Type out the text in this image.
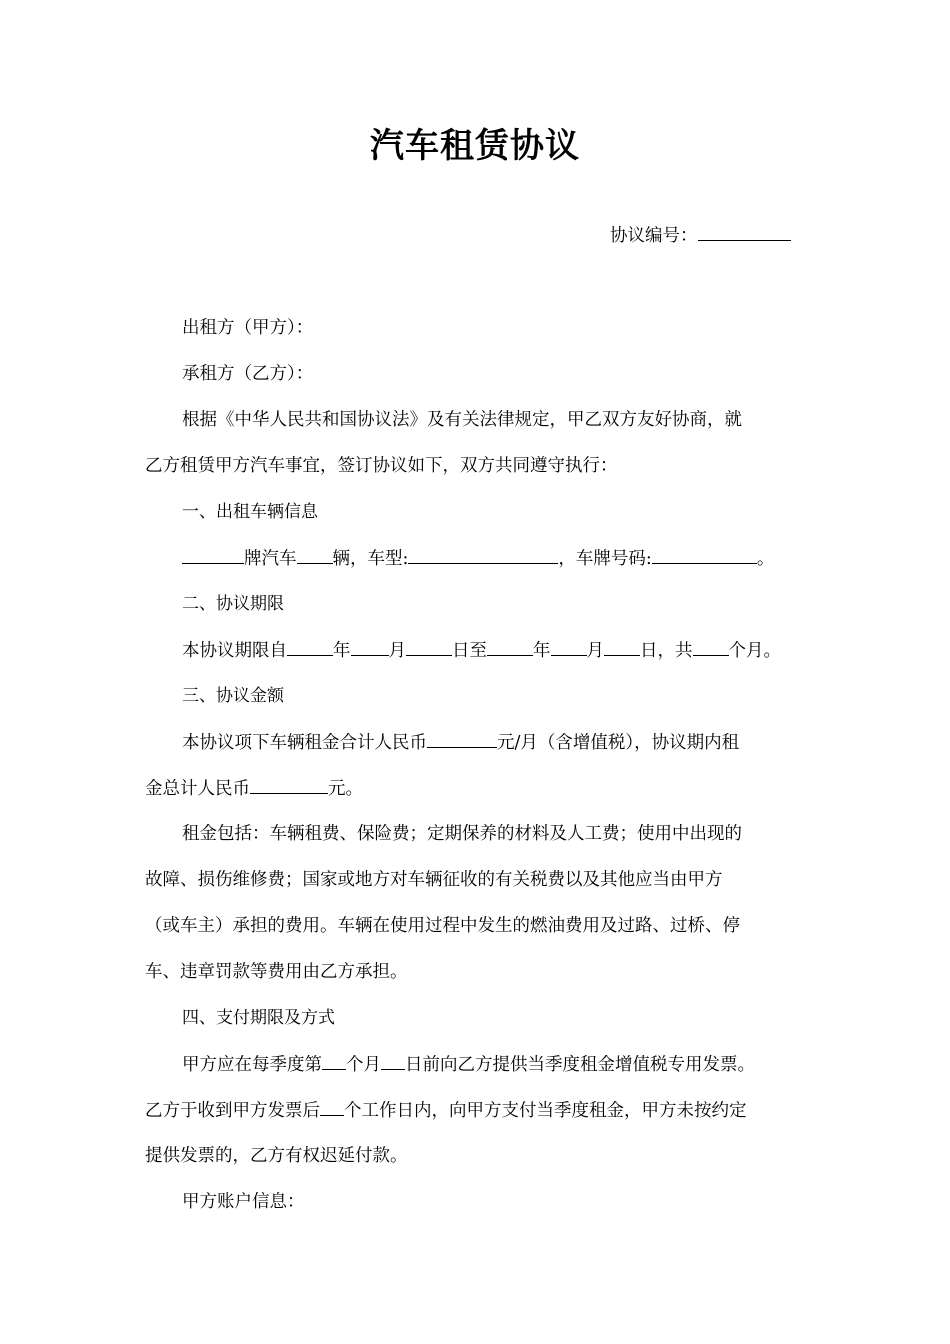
汽车租赁协议
协议编号：
出租方（甲方）：
承租方（乙方）：
根据《中华人民共和国协议法》及有关法律规定，甲乙双方友好协商，就
乙方租赁甲方汽车事宜，签订协议如下，双方共同遵守执行：
一、出租车辆信息
牌汽车 辆，车型:	，车牌号码:	。
二、协议期限
本协议期限自	年 月	日至	年 月 日，共 个月。
三、协议金额
本协议项下车辆租金合计人民币	元/月（含增值税），协议期内租
金总计人民币	元。
租金包括：车辆租费、保险费；定期保养的材料及人工费；使用中出现的
故障、损伤维修费；国家或地方对车辆征收的有关税费以及其他应当由甲方
（或车主）承担的费用。车辆在使用过程中发生的燃油费用及过路、过桥、停
车、违章罚款等费用由乙方承担。
四、支付期限及方式
甲方应在每季度第 个月 日前向乙方提供当季度租金增值税专用发票。
乙方于收到甲方发票后 个工作日内，向甲方支付当季度租金，甲方未按约定
提供发票的，乙方有权迟延付款。
甲方账户信息：
